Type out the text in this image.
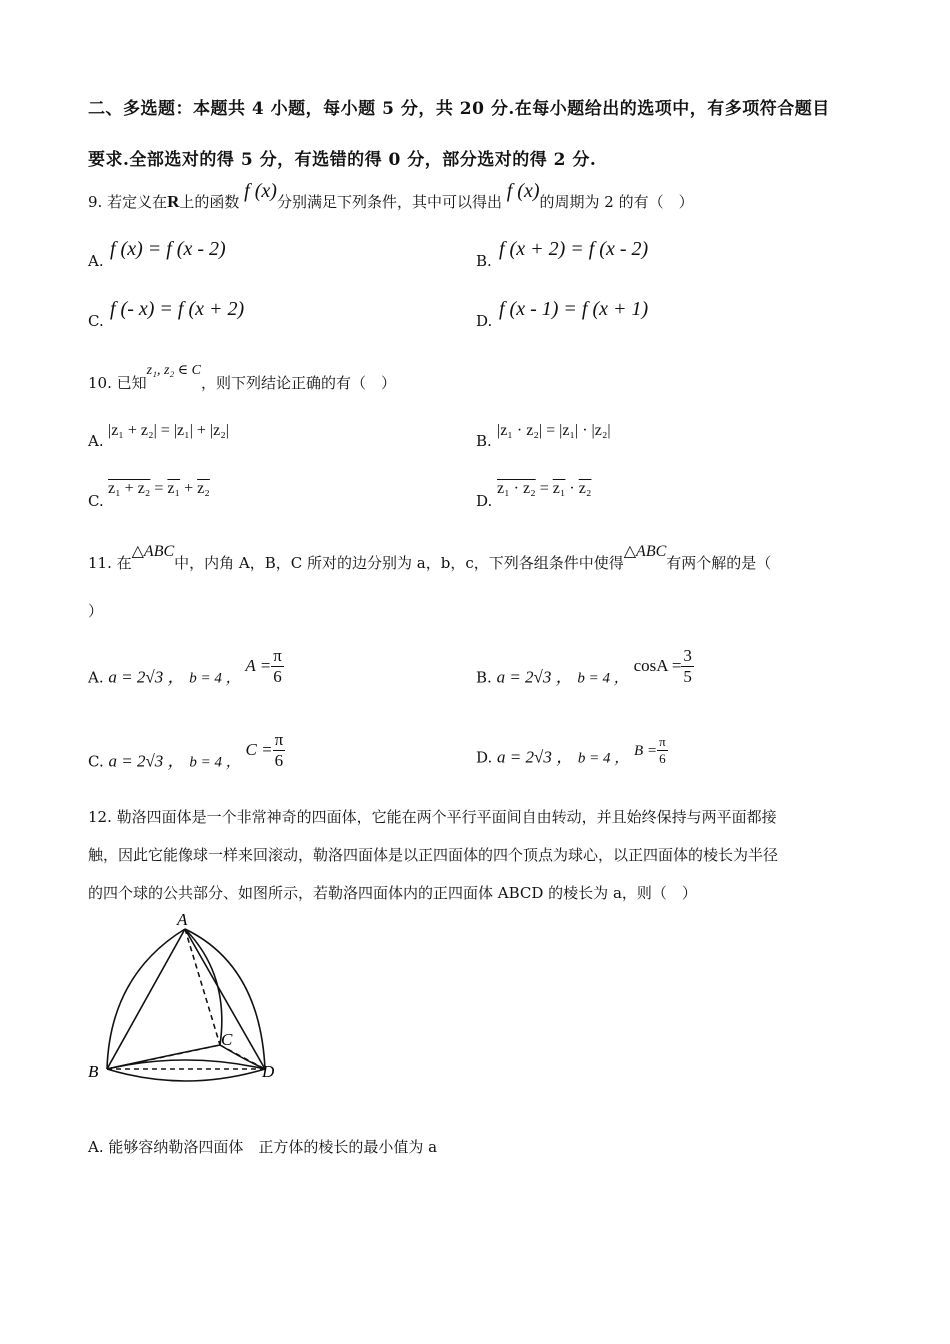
二、多选题：本题共 4 小题，每小题 5 分，共 20 分.在每小题给出的选项中，有多项符合题目
要求.全部选对的得 5 分，有选错的得 0 分，部分选对的得 2 分.
9. 若定义在R上的函数 f (x)分别满足下列条件，其中可以得出 f (x)的周期为 2 的有（　）
A.
f (x) = f (x - 2)
B.
f (x + 2) = f (x - 2)
C.
f (- x) = f (x + 2)
D.
f (x - 1) = f (x + 1)
10. 已知z₁, z₂ ∈ C，则下列结论正确的有（　）
A.
|z₁ + z₂| = |z₁| + |z₂|
B.
|z₁ · z₂| = |z₁| · |z₂|
C.
z₁ + z₂ = z₁ + z₂
D.
z₁ · z₂ = z₁ · z₂
11. 在△ABC中，内角 A，B，C 所对的边分别为 a，b，c，下列各组条件中使得△ABC有两个解的是（
）
A. a = 2√3 ， b = 4 ， $A = \frac{\pi}{6}$	B. a = 2√3 ， b = 4 ， $\cos A = \frac{3}{5}$
C. a = 2√3 ， b = 4 ， $C = \frac{\pi}{6}$	D. a = 2√3 ， b = 4 ， $B = \frac{\pi}{6}$
12. 勒洛四面体是一个非常神奇的四面体，它能在两个平行平面间自由转动，并且始终保持与两平面都接
触，因此它能像球一样来回滚动，勒洛四面体是以正四面体的四个顶点为球心，以正四面体的棱长为半径
的四个球的公共部分、如图所示，若勒洛四面体内的正四面体 ABCD 的棱长为 a，则（　）
A
B
C
D
A. 能够容纳勒洛四面体　正方体的棱长的最小值为 a
